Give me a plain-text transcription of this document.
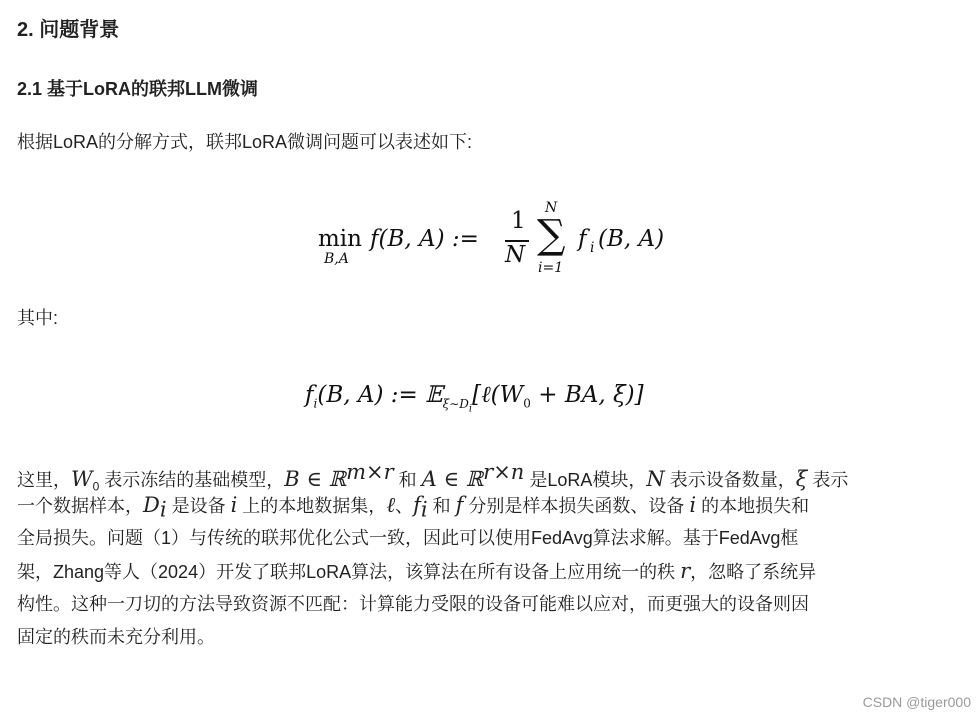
2. 问题背景
2.1 基于LoRA的联邦LLM微调
根据LoRA的分解方式，联邦LoRA微调问题可以表述如下:
min
B,A
f(B, A) :=
1
N
N
∑
i=1
f i (B, A)
其中:
$f_i(B$, A) := $𝔼_{\xi\sim D_i}[\ell(W_0$ + BA, ξ)]
这里，$W_0$ 表示冻结的基础模型，B ∈ ℝ$^{m\times r}$ 和 A ∈ ℝ$^{r\times n}$ 是LoRA模块，N 表示设备数量，ξ 表示
一个数据样本，$D_i$ 是设备 i 上的本地数据集，ℓ、$f_i$ 和 f 分别是样本损失函数、设备 i 的本地损失和
全局损失。问题（1）与传统的联邦优化公式一致，因此可以使用FedAvg算法求解。基于FedAvg框
架，Zhang等人（2024）开发了联邦LoRA算法，该算法在所有设备上应用统一的秩 r，忽略了系统异
构性。这种一刀切的方法导致资源不匹配：计算能力受限的设备可能难以应对，而更强大的设备则因
固定的秩而未充分利用。
CSDN @tiger000
